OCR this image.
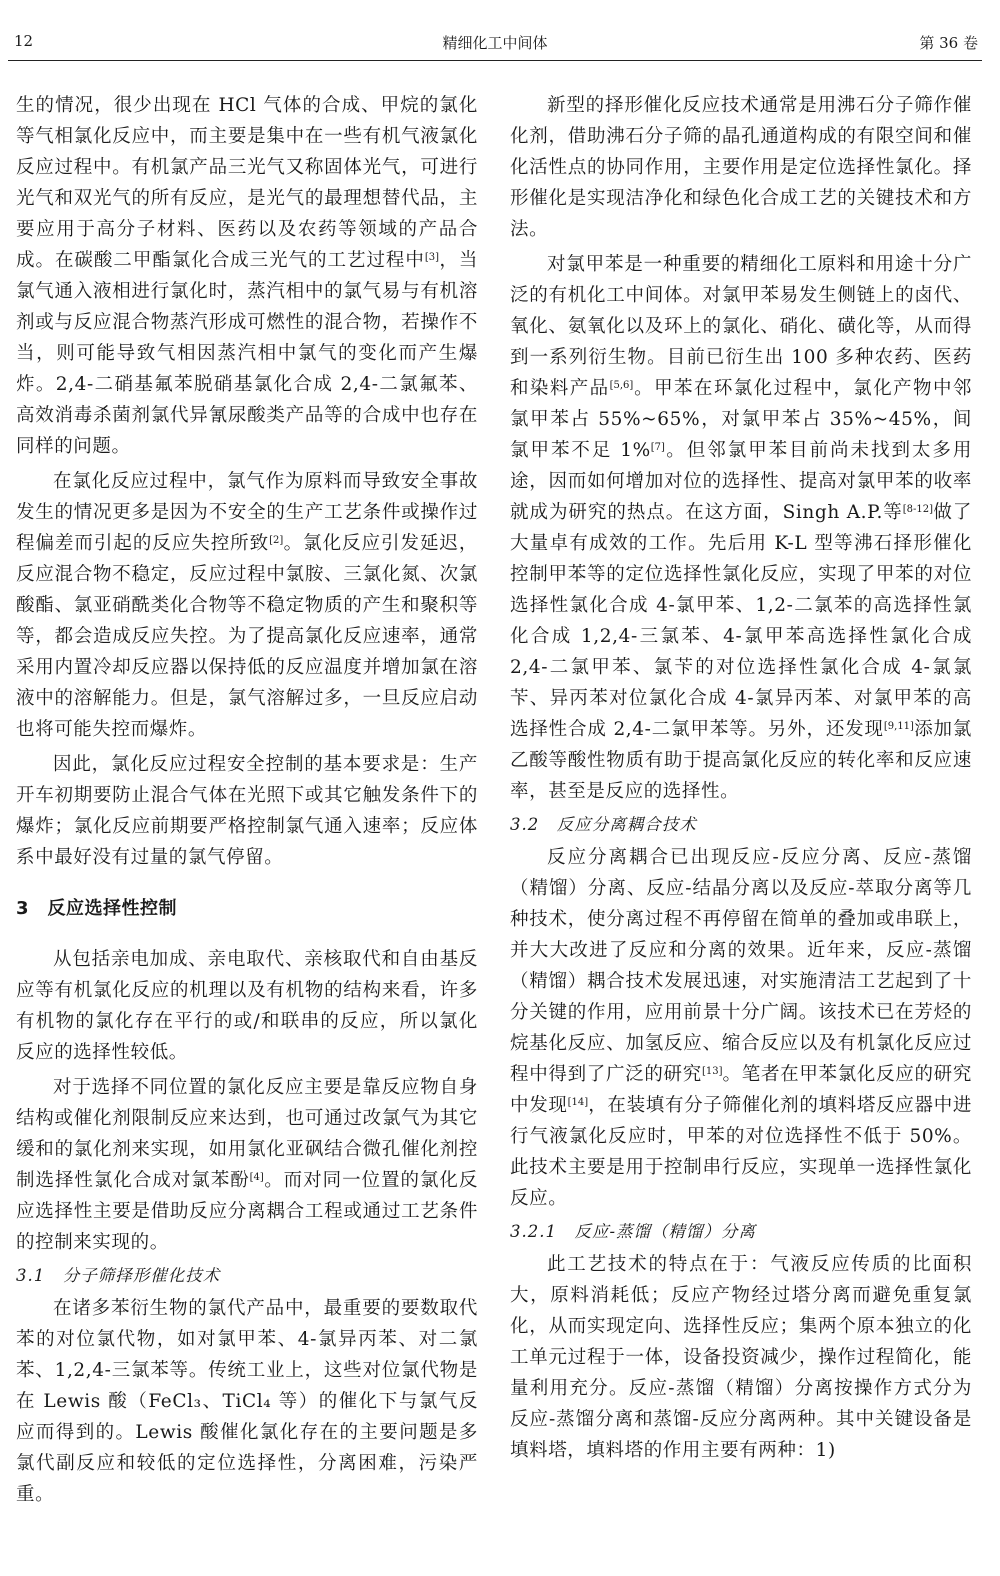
12	精细化工中间体	第 36 卷

生的情况，很少出现在 HCl 气体的合成、甲烷的氯化等气相氯化反应中，而主要是集中在一些有机气液氯化反应过程中。有机氯产品三光气又称固体光气，可进行光气和双光气的所有反应，是光气的最理想替代品，主要应用于高分子材料、医药以及农药等领域的产品合成。在碳酸二甲酯氯化合成三光气的工艺过程中[3]，当氯气通入液相进行氯化时，蒸汽相中的氯气易与有机溶剂或与反应混合物蒸汽形成可燃性的混合物，若操作不当，则可能导致气相因蒸汽相中氯气的变化而产生爆炸。2,4-二硝基氟苯脱硝基氯化合成 2,4-二氯氟苯、高效消毒杀菌剂氯代异氰尿酸类产品等的合成中也存在同样的问题。

在氯化反应过程中，氯气作为原料而导致安全事故发生的情况更多是因为不安全的生产工艺条件或操作过程偏差而引起的反应失控所致[2]。氯化反应引发延迟，反应混合物不稳定，反应过程中氯胺、三氯化氮、次氯酸酯、氯亚硝酰类化合物等不稳定物质的产生和聚积等等，都会造成反应失控。为了提高氯化反应速率，通常采用内置冷却反应器以保持低的反应温度并增加氯在溶液中的溶解能力。但是，氯气溶解过多，一旦反应启动也将可能失控而爆炸。

因此，氯化反应过程安全控制的基本要求是：生产开车初期要防止混合气体在光照下或其它触发条件下的爆炸；氯化反应前期要严格控制氯气通入速率；反应体系中最好没有过量的氯气停留。

3　反应选择性控制

从包括亲电加成、亲电取代、亲核取代和自由基反应等有机氯化反应的机理以及有机物的结构来看，许多有机物的氯化存在平行的或/和联串的反应，所以氯化反应的选择性较低。

对于选择不同位置的氯化反应主要是靠反应物自身结构或催化剂限制反应来达到，也可通过改氯气为其它缓和的氯化剂来实现，如用氯化亚砜结合微孔催化剂控制选择性氯化合成对氯苯酚[4]。而对同一位置的氯化反应选择性主要是借助反应分离耦合工程或通过工艺条件的控制来实现的。

3.1　分子筛择形催化技术

在诸多苯衍生物的氯代产品中，最重要的要数取代苯的对位氯代物，如对氯甲苯、4-氯异丙苯、对二氯苯、1,2,4-三氯苯等。传统工业上，这些对位氯代物是在 Lewis 酸（FeCl₃、TiCl₄ 等）的催化下与氯气反应而得到的。Lewis 酸催化氯化存在的主要问题是多氯代副反应和较低的定位选择性，分离困难，污染严重。

新型的择形催化反应技术通常是用沸石分子筛作催化剂，借助沸石分子筛的晶孔通道构成的有限空间和催化活性点的协同作用，主要作用是定位选择性氯化。择形催化是实现洁净化和绿色化合成工艺的关键技术和方法。

对氯甲苯是一种重要的精细化工原料和用途十分广泛的有机化工中间体。对氯甲苯易发生侧链上的卤代、氧化、氨氧化以及环上的氯化、硝化、磺化等，从而得到一系列衍生物。目前已衍生出 100 多种农药、医药和染料产品[5,6]。甲苯在环氯化过程中，氯化产物中邻氯甲苯占 55%~65%，对氯甲苯占 35%~45%，间氯甲苯不足 1%[7]。但邻氯甲苯目前尚未找到太多用途，因而如何增加对位的选择性、提高对氯甲苯的收率就成为研究的热点。在这方面，Singh A.P.等[8-12]做了大量卓有成效的工作。先后用 K-L 型等沸石择形催化控制甲苯等的定位选择性氯化反应，实现了甲苯的对位选择性氯化合成 4-氯甲苯、1,2-二氯苯的高选择性氯化合成 1,2,4-三氯苯、4-氯甲苯高选择性氯化合成 2,4-二氯甲苯、氯苄的对位选择性氯化合成 4-氯氯苄、异丙苯对位氯化合成 4-氯异丙苯、对氯甲苯的高选择性合成 2,4-二氯甲苯等。另外，还发现[9,11]添加氯乙酸等酸性物质有助于提高氯化反应的转化率和反应速率，甚至是反应的选择性。

3.2　反应分离耦合技术

反应分离耦合已出现反应-反应分离、反应-蒸馏（精馏）分离、反应-结晶分离以及反应-萃取分离等几种技术，使分离过程不再停留在简单的叠加或串联上，并大大改进了反应和分离的效果。近年来，反应-蒸馏（精馏）耦合技术发展迅速，对实施清洁工艺起到了十分关键的作用，应用前景十分广阔。该技术已在芳烃的烷基化反应、加氢反应、缩合反应以及有机氯化反应过程中得到了广泛的研究[13]。笔者在甲苯氯化反应的研究中发现[14]，在装填有分子筛催化剂的填料塔反应器中进行气液氯化反应时，甲苯的对位选择性不低于 50%。此技术主要是用于控制串行反应，实现单一选择性氯化反应。

3.2.1　反应-蒸馏（精馏）分离

此工艺技术的特点在于：气液反应传质的比面积大，原料消耗低；反应产物经过塔分离而避免重复氯化，从而实现定向、选择性反应；集两个原本独立的化工单元过程于一体，设备投资减少，操作过程简化，能量利用充分。反应-蒸馏（精馏）分离按操作方式分为反应-蒸馏分离和蒸馏-反应分离两种。其中关键设备是填料塔，填料塔的作用主要有两种：1)
